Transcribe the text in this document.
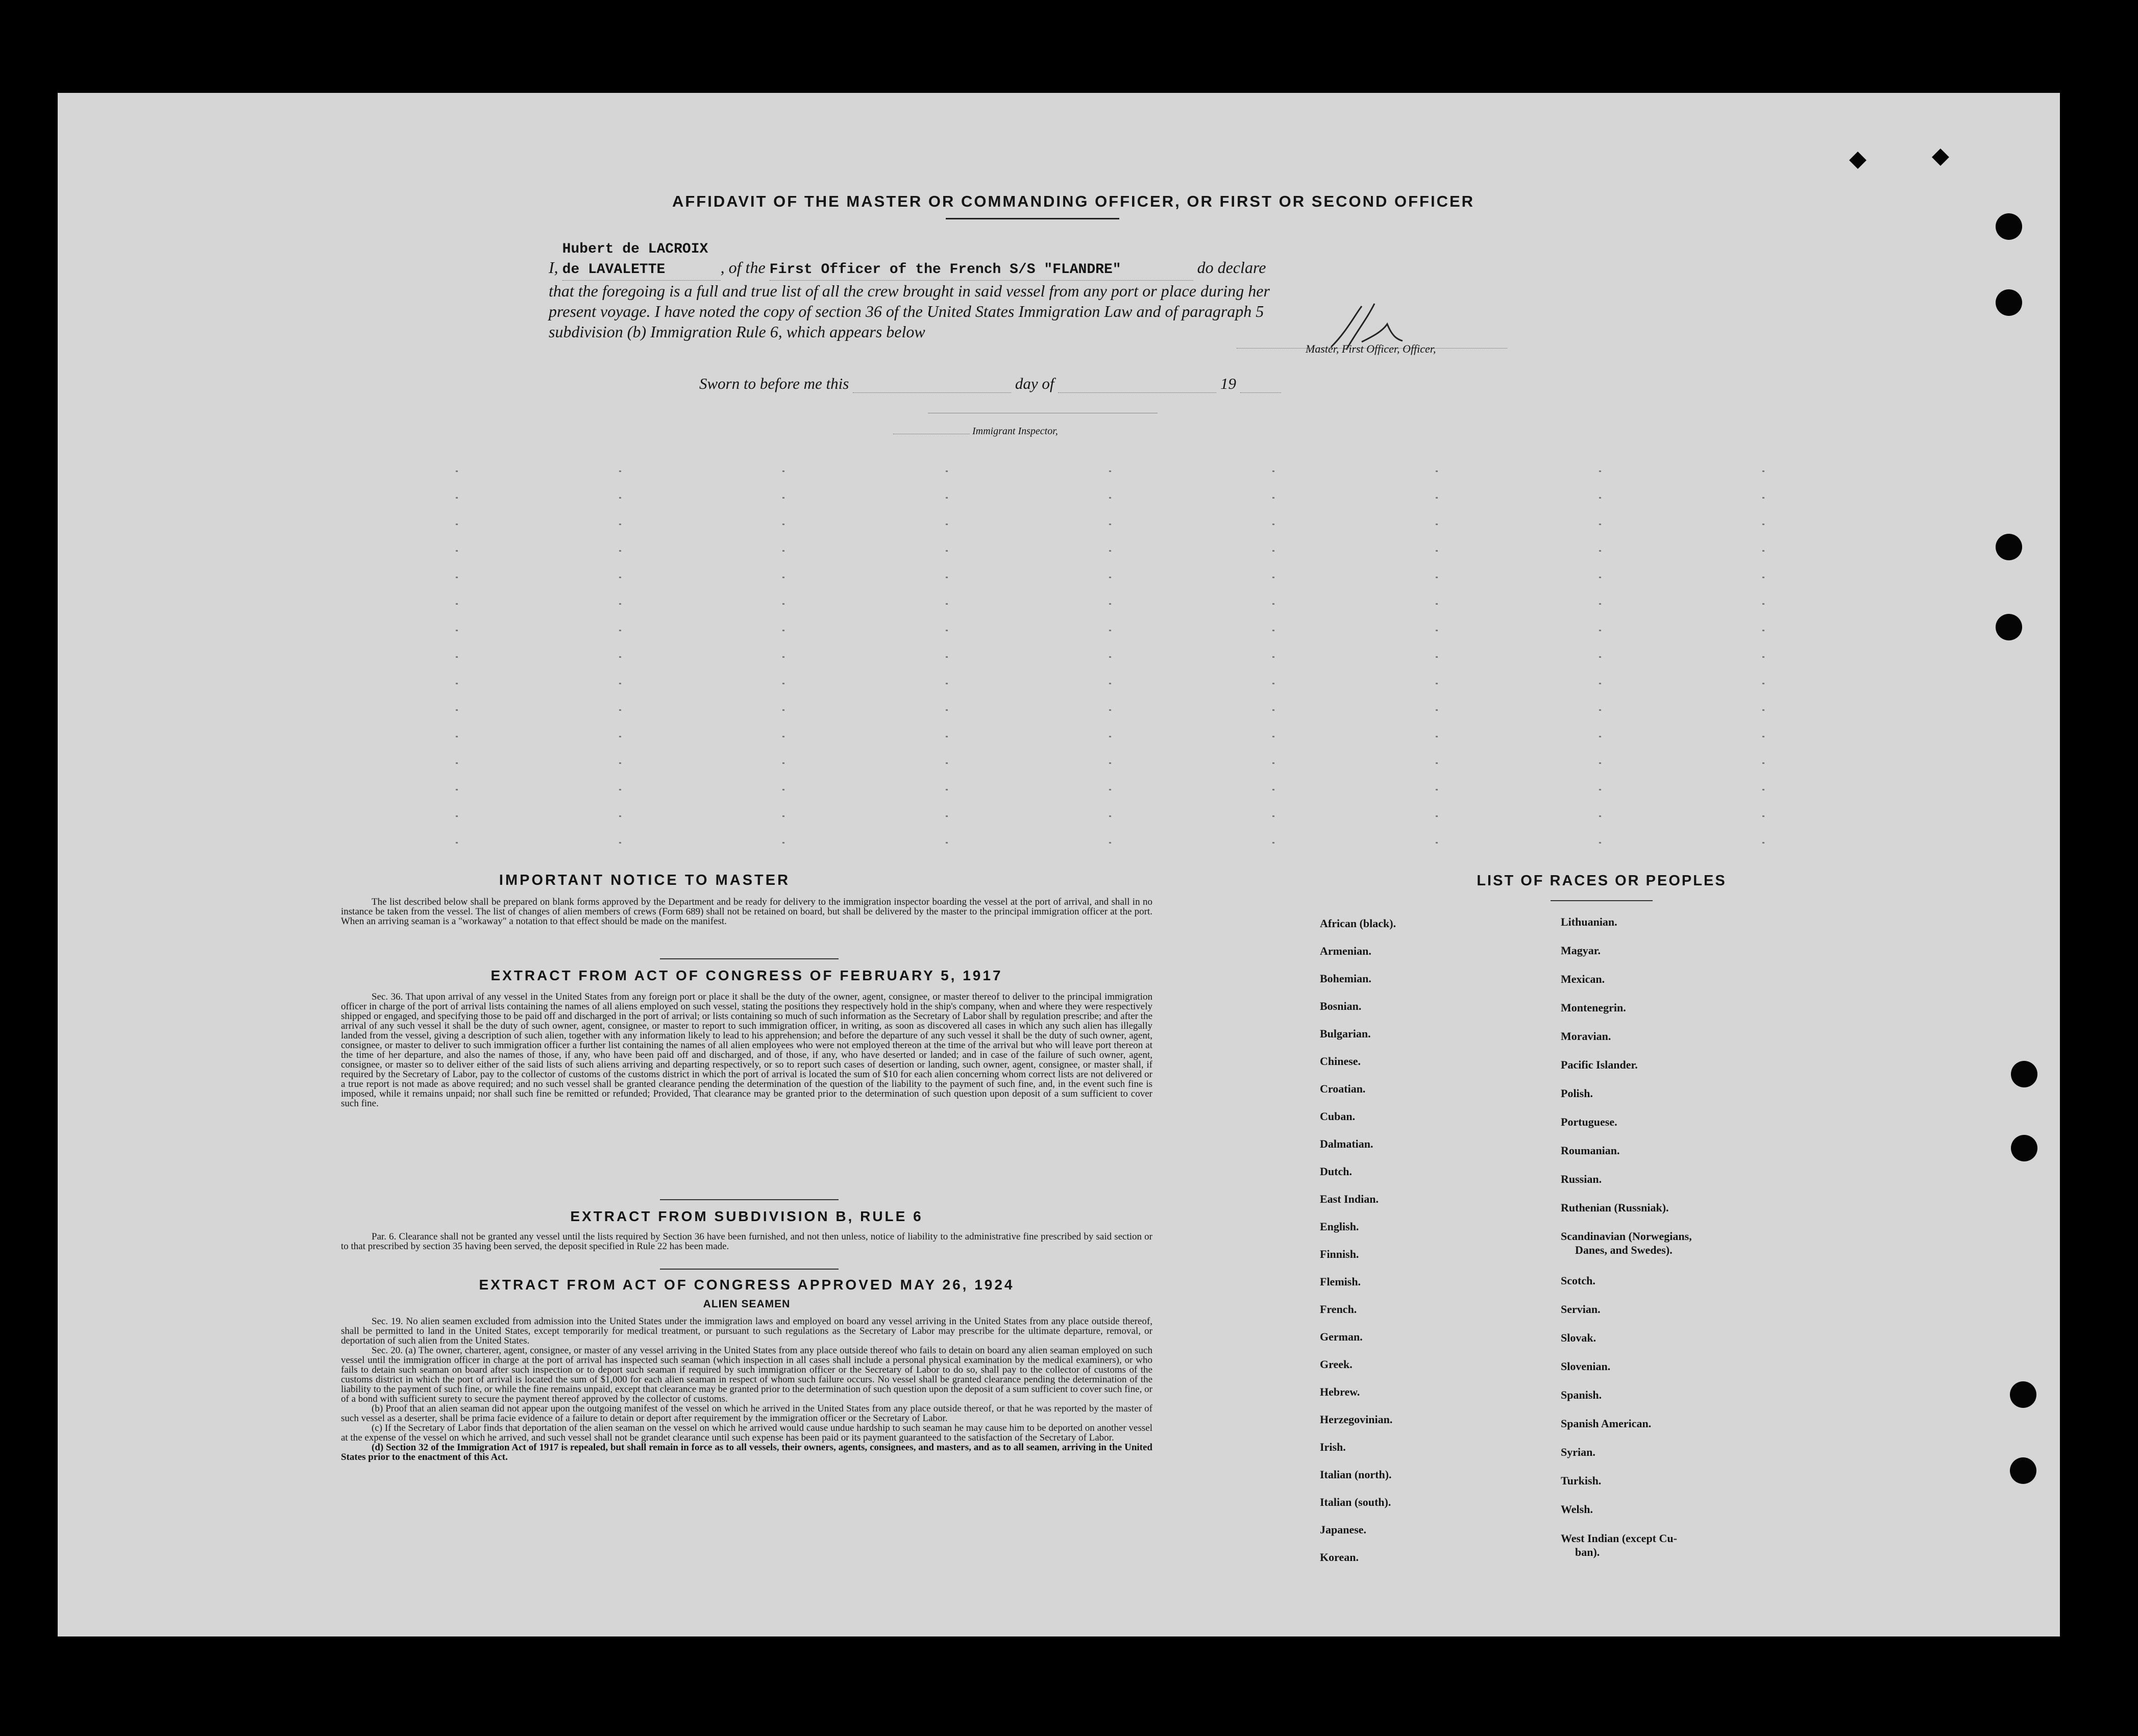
AFFIDAVIT OF THE MASTER OR COMMANDING OFFICER, OR FIRST OR SECOND OFFICER
I, Hubert de LACROIX de LAVALETTE	, of the First Officer of the French S/S "FLANDRE"	do declare
that the foregoing is a full and true list of all the crew brought in said vessel from any port or place during her
present voyage. I have noted the copy of section 36 of the United States Immigration Law and of paragraph 5
subdivision (b) Immigration Rule 6, which appears below
Master, First Officer, Officer,
Sworn to before me this	day of	19
Immigrant Inspector,
IMPORTANT NOTICE TO MASTER

The list described below shall be prepared on blank forms approved by the Department and be ready for delivery to the immigration inspector boarding the vessel at the port of arrival, and shall in no instance be taken from the vessel. The list of changes of alien members of crews (Form 689) shall not be retained on board, but shall be delivered by the master to the principal immigration officer at the port. When an arriving seaman is a "workaway" a notation to that effect should be made on the manifest.

EXTRACT FROM ACT OF CONGRESS OF FEBRUARY 5, 1917

Sec. 36. That upon arrival of any vessel in the United States from any foreign port or place it shall be the duty of the owner, agent, consignee, or master thereof to deliver to the principal immigration officer in charge of the port of arrival lists containing the names of all aliens employed on such vessel, stating the positions they respectively hold in the ship's company, when and where they were respectively shipped or engaged, and specifying those to be paid off and discharged in the port of arrival; or lists containing so much of such information as the Secretary of Labor shall by regulation prescribe; and after the arrival of any such vessel it shall be the duty of such owner, agent, consignee, or master to report to such immigration officer, in writing, as soon as discovered all cases in which any such alien has illegally landed from the vessel, giving a description of such alien, together with any information likely to lead to his apprehension; and before the departure of any such vessel it shall be the duty of such owner, agent, consignee, or master to deliver to such immigration officer a further list containing the names of all alien employees who were not employed thereon at the time of the arrival but who will leave port thereon at the time of her departure, and also the names of those, if any, who have been paid off and discharged, and of those, if any, who have deserted or landed; and in case of the failure of such owner, agent, consignee, or master so to deliver either of the said lists of such aliens arriving and departing respectively, or so to report such cases of desertion or landing, such owner, agent, consignee, or master shall, if required by the Secretary of Labor, pay to the collector of customs of the customs district in which the port of arrival is located the sum of $10 for each alien concerning whom correct lists are not delivered or a true report is not made as above required; and no such vessel shall be granted clearance pending the determination of the question of the liability to the payment of such fine, and, in the event such fine is imposed, while it remains unpaid; nor shall such fine be remitted or refunded; Provided, That clearance may be granted prior to the determination of such question upon deposit of a sum sufficient to cover such fine.

EXTRACT FROM SUBDIVISION B, RULE 6

Par. 6. Clearance shall not be granted any vessel until the lists required by Section 36 have been furnished, and not then unless, notice of liability to the administrative fine prescribed by said section or to that prescribed by section 35 having been served, the deposit specified in Rule 22 has been made.

EXTRACT FROM ACT OF CONGRESS APPROVED MAY 26, 1924
ALIEN SEAMEN

Sec. 19. No alien seamen excluded from admission into the United States under the immigration laws and employed on board any vessel arriving in the United States from any place outside thereof, shall be permitted to land in the United States, except temporarily for medical treatment, or pursuant to such regulations as the Secretary of Labor may prescribe for the ultimate departure, removal, or deportation of such alien from the United States.

Sec. 20. (a) The owner, charterer, agent, consignee, or master of any vessel arriving in the United States from any place outside thereof who fails to detain on board any alien seaman employed on such vessel until the immigration officer in charge at the port of arrival has inspected such seaman (which inspection in all cases shall include a personal physical examination by the medical examiners), or who fails to detain such seaman on board after such inspection or to deport such seaman if required by such immigration officer or the Secretary of Labor to do so, shall pay to the collector of customs of the customs district in which the port of arrival is located the sum of $1,000 for each alien seaman in respect of whom such failure occurs. No vessel shall be granted clearance pending the determination of the liability to the payment of such fine, or while the fine remains unpaid, except that clearance may be granted prior to the determination of such question upon the deposit of a sum sufficient to cover such fine, or of a bond with sufficient surety to secure the payment thereof approved by the collector of customs.

(b) Proof that an alien seaman did not appear upon the outgoing manifest of the vessel on which he arrived in the United States from any place outside thereof, or that he was reported by the master of such vessel as a deserter, shall be prima facie evidence of a failure to detain or deport after requirement by the immigration officer or the Secretary of Labor.

(c) If the Secretary of Labor finds that deportation of the alien seaman on the vessel on which he arrived would cause undue hardship to such seaman he may cause him to be deported on another vessel at the expense of the vessel on which he arrived, and such vessel shall not be grandet clearance until such expense has been paid or its payment guaranteed to the satisfaction of the Secretary of Labor.

(d) Section 32 of the Immigration Act of 1917 is repealed, but shall remain in force as to all vessels, their owners, agents, consignees, and masters, and as to all seamen, arriving in the United States prior to the enactment of this Act.

LIST OF RACES OR PEOPLES
African (black).
Armenian.
Bohemian.
Bosnian.
Bulgarian.
Chinese.
Croatian.
Cuban.
Dalmatian.
Dutch.
East Indian.
English.
Finnish.
Flemish.
French.
German.
Greek.
Hebrew.
Herzegovinian.
Irish.
Italian (north).
Italian (south).
Japanese.
Korean.
Lithuanian.
Magyar.
Mexican.
Montenegrin.
Moravian.
Pacific Islander.
Polish.
Portuguese.
Roumanian.
Russian.
Ruthenian (Russniak).
Scandinavian (Norwegians,
Danes, and Swedes).
Scotch.
Servian.
Slovak.
Slovenian.
Spanish.
Spanish American.
Syrian.
Turkish.
Welsh.
West Indian (except Cu-
ban).
